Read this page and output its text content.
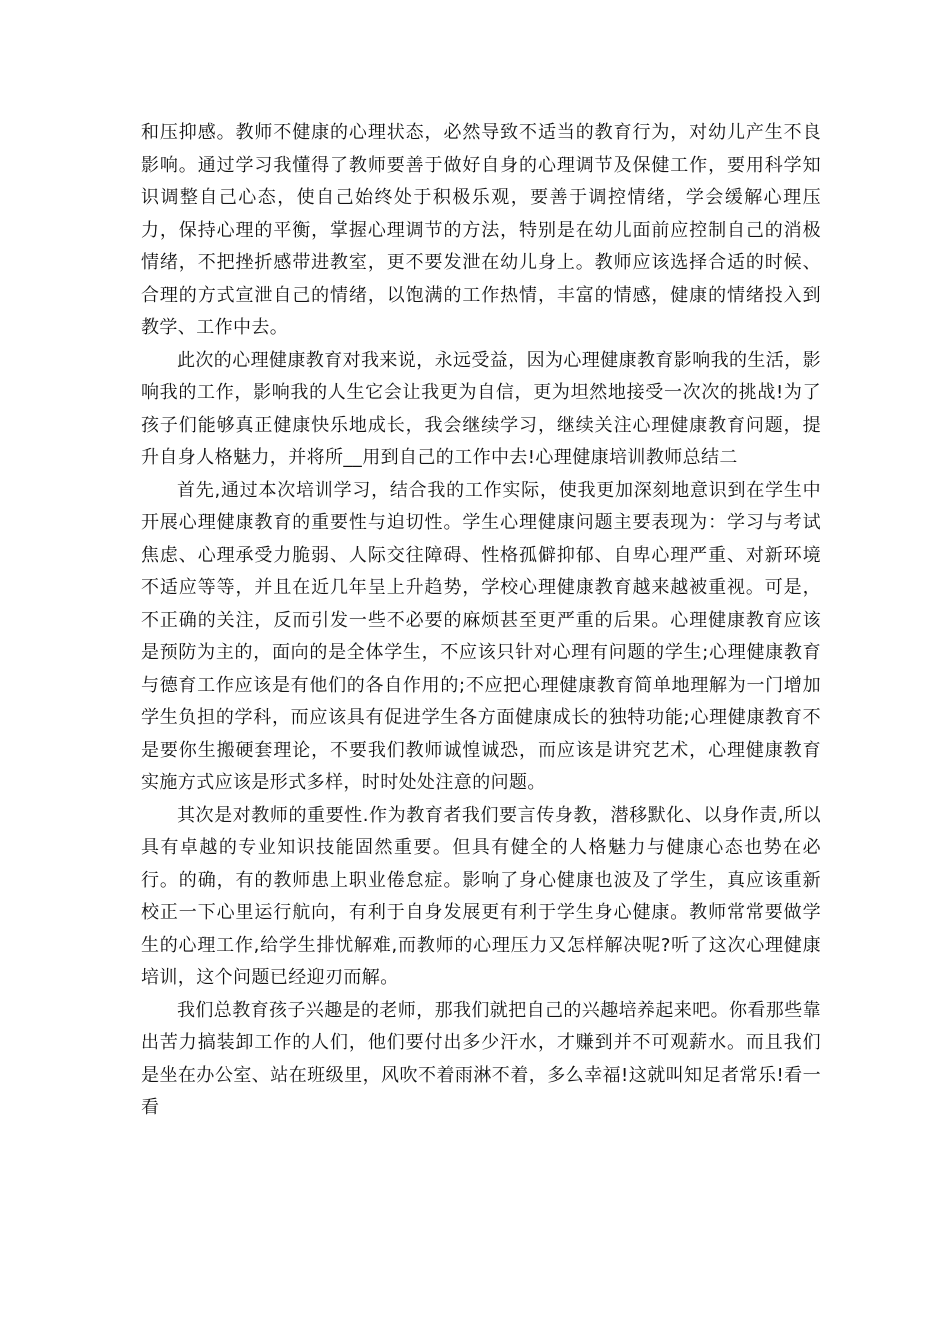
和压抑感。教师不健康的心理状态，必然导致不适当的教育行为，对幼儿产生不良影响。通过学习我懂得了教师要善于做好自身的心理调节及保健工作，要用科学知识调整自己心态，使自己始终处于积极乐观，要善于调控情绪，学会缓解心理压力，保持心理的平衡，掌握心理调节的方法，特别是在幼儿面前应控制自己的消极情绪，不把挫折感带进教室，更不要发泄在幼儿身上。教师应该选择合适的时候、合理的方式宣泄自己的情绪，以饱满的工作热情，丰富的情感，健康的情绪投入到教学、工作中去。

此次的心理健康教育对我来说，永远受益，因为心理健康教育影响我的生活，影响我的工作，影响我的人生它会让我更为自信，更为坦然地接受一次次的挑战!为了孩子们能够真正健康快乐地成长，我会继续学习，继续关注心理健康教育问题，提升自身人格魅力，并将所__用到自己的工作中去!心理健康培训教师总结二

首先,通过本次培训学习，结合我的工作实际，使我更加深刻地意识到在学生中开展心理健康教育的重要性与迫切性。学生心理健康问题主要表现为：学习与考试焦虑、心理承受力脆弱、人际交往障碍、性格孤僻抑郁、自卑心理严重、对新环境不适应等等，并且在近几年呈上升趋势，学校心理健康教育越来越被重视。可是，不正确的关注，反而引发一些不必要的麻烦甚至更严重的后果。心理健康教育应该是预防为主的，面向的是全体学生，不应该只针对心理有问题的学生;心理健康教育与德育工作应该是有他们的各自作用的;不应把心理健康教育简单地理解为一门增加学生负担的学科，而应该具有促进学生各方面健康成长的独特功能;心理健康教育不是要你生搬硬套理论，不要我们教师诚惶诚恐，而应该是讲究艺术，心理健康教育实施方式应该是形式多样，时时处处注意的问题。

其次是对教师的重要性.作为教育者我们要言传身教，潜移默化、以身作责,所以具有卓越的专业知识技能固然重要。但具有健全的人格魅力与健康心态也势在必行。的确，有的教师患上职业倦怠症。影响了身心健康也波及了学生，真应该重新校正一下心里运行航向，有利于自身发展更有利于学生身心健康。教师常常要做学生的心理工作,给学生排忧解难,而教师的心理压力又怎样解决呢?听了这次心理健康培训，这个问题已经迎刃而解。

我们总教育孩子兴趣是的老师，那我们就把自己的兴趣培养起来吧。你看那些靠出苦力搞装卸工作的人们，他们要付出多少汗水，才赚到并不可观薪水。而且我们是坐在办公室、站在班级里，风吹不着雨淋不着，多么幸福!这就叫知足者常乐!看一看
